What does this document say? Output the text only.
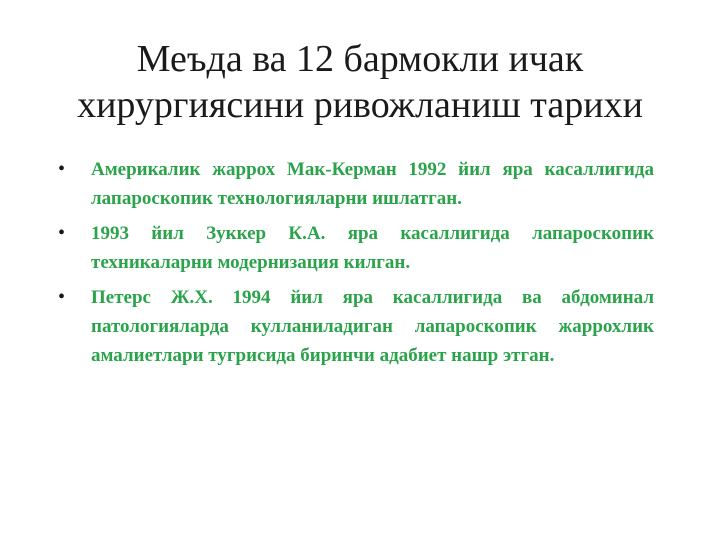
Меъда ва 12 бармокли ичак
хирургиясини ривожланиш тарихи
• Америкалик жаррох Мак-Керман 1992 йил яра касаллигида лапароскопик технологияларни ишлатган.
• 1993 йил Зуккер К.А. яра касаллигида лапароскопик техникаларни модернизация килган.
• Петерс Ж.Х. 1994 йил яра касаллигида ва абдоминал патологияларда кулланиладиган лапароскопик жаррохлик амалиетлари тугрисида биринчи адабиет нашр этган.
